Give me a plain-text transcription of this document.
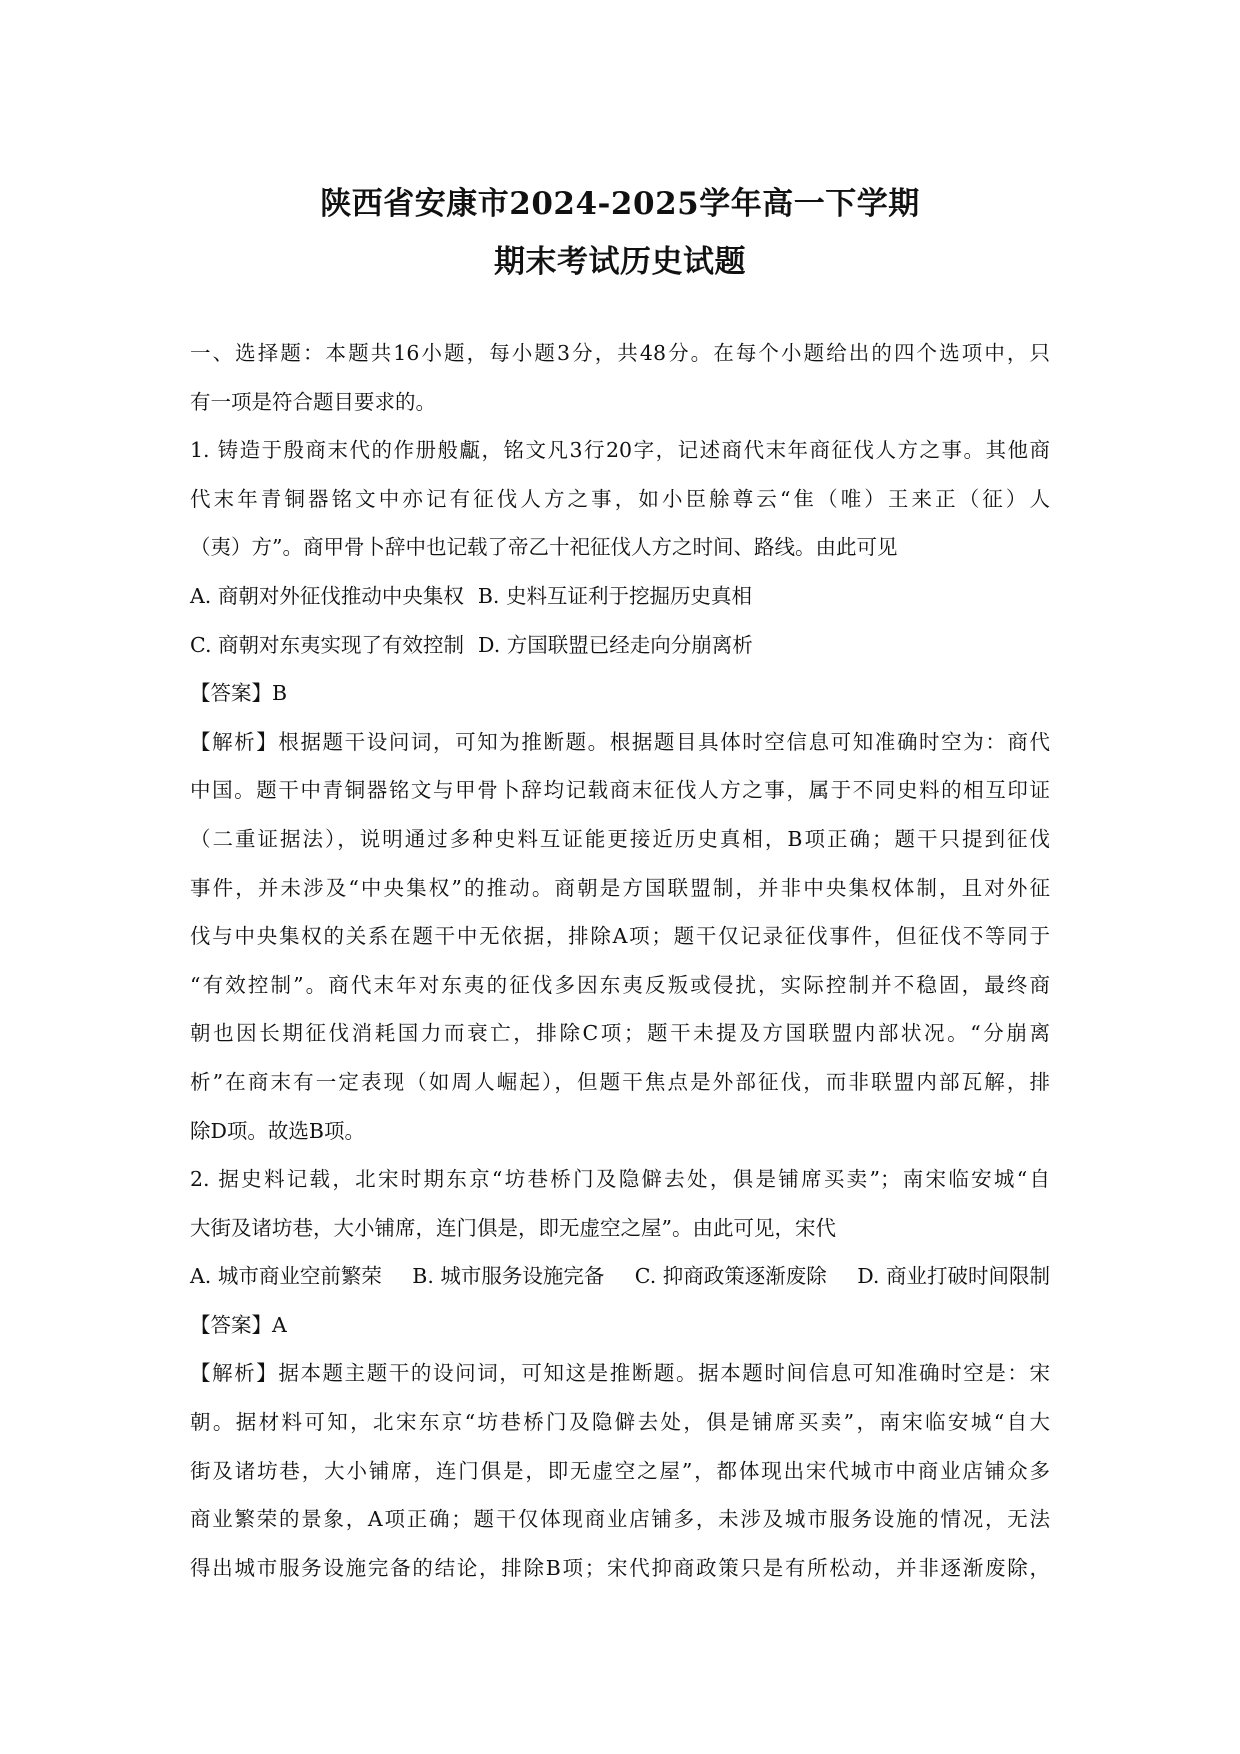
陕西省安康市2024-2025学年高一下学期
期末考试历史试题
一、选择题：本题共16小题，每小题3分，共48分。在每个小题给出的四个选项中，只
有一项是符合题目要求的。
1. 铸造于殷商末代的作册般甗，铭文凡3行20字，记述商代末年商征伐人方之事。其他商
代末年青铜器铭文中亦记有征伐人方之事，如小臣艅尊云“隹（唯）王来正（征）人
（夷）方”。商甲骨卜辞中也记载了帝乙十祀征伐人方之时间、路线。由此可见
A. 商朝对外征伐推动中央集权 B. 史料互证利于挖掘历史真相
C. 商朝对东夷实现了有效控制 D. 方国联盟已经走向分崩离析
【答案】B
【解析】根据题干设问词，可知为推断题。根据题目具体时空信息可知准确时空为：商代
中国。题干中青铜器铭文与甲骨卜辞均记载商末征伐人方之事，属于不同史料的相互印证
（二重证据法），说明通过多种史料互证能更接近历史真相，B项正确；题干只提到征伐
事件，并未涉及“中央集权”的推动。商朝是方国联盟制，并非中央集权体制，且对外征
伐与中央集权的关系在题干中无依据，排除A项；题干仅记录征伐事件，但征伐不等同于
“有效控制”。商代末年对东夷的征伐多因东夷反叛或侵扰，实际控制并不稳固，最终商
朝也因长期征伐消耗国力而衰亡，排除C项；题干未提及方国联盟内部状况。“分崩离
析”在商末有一定表现（如周人崛起），但题干焦点是外部征伐，而非联盟内部瓦解，排
除D项。故选B项。
2. 据史料记载，北宋时期东京“坊巷桥门及隐僻去处，俱是铺席买卖”；南宋临安城“自
大街及诸坊巷，大小铺席，连门俱是，即无虚空之屋”。由此可见，宋代
A. 城市商业空前繁荣 B. 城市服务设施完备 C. 抑商政策逐渐废除 D. 商业打破时间限制
【答案】A
【解析】据本题主题干的设问词，可知这是推断题。据本题时间信息可知准确时空是：宋
朝。据材料可知，北宋东京“坊巷桥门及隐僻去处，俱是铺席买卖”，南宋临安城“自大
街及诸坊巷，大小铺席，连门俱是，即无虚空之屋”，都体现出宋代城市中商业店铺众多
商业繁荣的景象，A项正确；题干仅体现商业店铺多，未涉及城市服务设施的情况，无法
得出城市服务设施完备的结论，排除B项；宋代抑商政策只是有所松动，并非逐渐废除，
